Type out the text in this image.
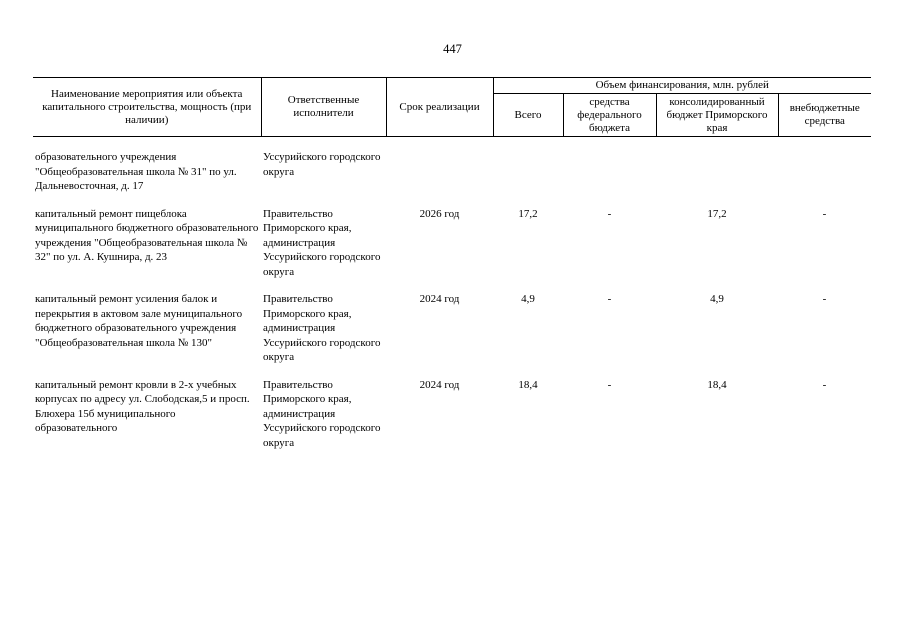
447
Наименование мероприятия или объекта капитального строительства, мощность (при наличии)	Ответственные исполнители	Срок реализации	Объем финансирования, млн. рублей			
			Всего	средства федерального бюджета	консолидированный бюджет Приморского края	внебюджетные средства

образовательного учреждения "Общеобразовательная школа № 31" по ул. Дальневосточная, д. 17	Уссурийского городского округа					

капитальный ремонт пищеблока муниципального бюджетного образовательного учреждения "Общеобразовательная школа № 32" по ул. А. Кушнира, д. 23	Правительство Приморского края, администрация Уссурийского городского округа	2026 год	17,2	-	17,2	-

капитальный ремонт усиления балок и перекрытия в актовом зале муниципального бюджетного образовательного учреждения "Общеобразовательная школа № 130"	Правительство Приморского края, администрация Уссурийского городского округа	2024 год	4,9	-	4,9	-

капитальный ремонт кровли в 2-х учебных корпусах по адресу ул. Слободская,5 и просп. Блюхера 15б муниципального образовательного	Правительство Приморского края, администрация Уссурийского городского округа	2024 год	18,4	-	18,4	-
